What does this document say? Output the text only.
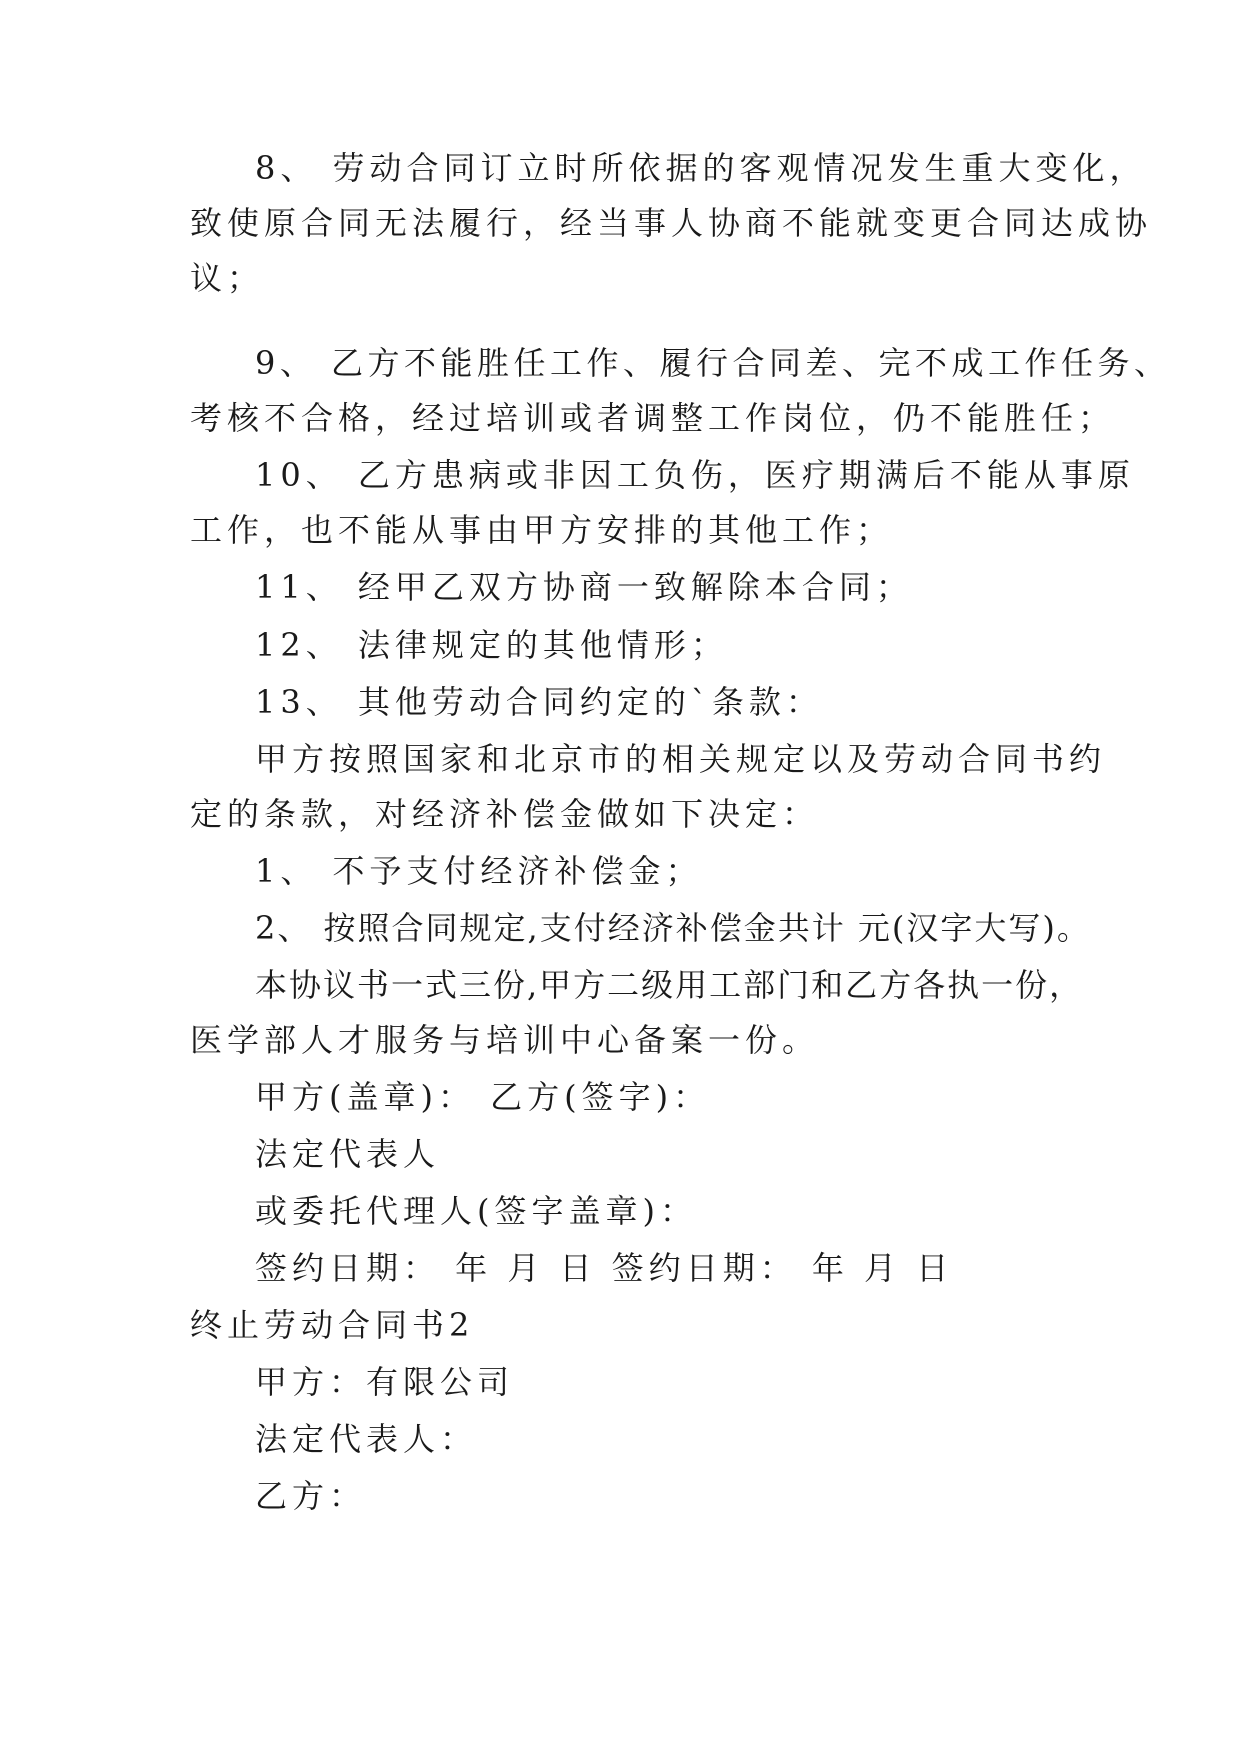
8、 劳动合同订立时所依据的客观情况发生重大变化，

致使原合同无法履行，经当事人协商不能就变更合同达成协

议；

9、 乙方不能胜任工作、履行合同差、完不成工作任务、

考核不合格，经过培训或者调整工作岗位，仍不能胜任；

10、 乙方患病或非因工负伤，医疗期满后不能从事原

工作，也不能从事由甲方安排的其他工作；

11、 经甲乙双方协商一致解除本合同；

12、 法律规定的其他情形；

13、 其他劳动合同约定的`条款：

甲方按照国家和北京市的相关规定以及劳动合同书约

定的条款，对经济补偿金做如下决定：

1、 不予支付经济补偿金；

2、 按照合同规定,支付经济补偿金共计 元(汉字大写)。

本协议书一式三份,甲方二级用工部门和乙方各执一份，

医学部人才服务与培训中心备案一份。

甲方(盖章)： 乙方(签字)：

法定代表人

或委托代理人(签字盖章)：

签约日期： 年 月 日 签约日期： 年 月 日

终止劳动合同书2

甲方：有限公司

法定代表人：

乙方：
